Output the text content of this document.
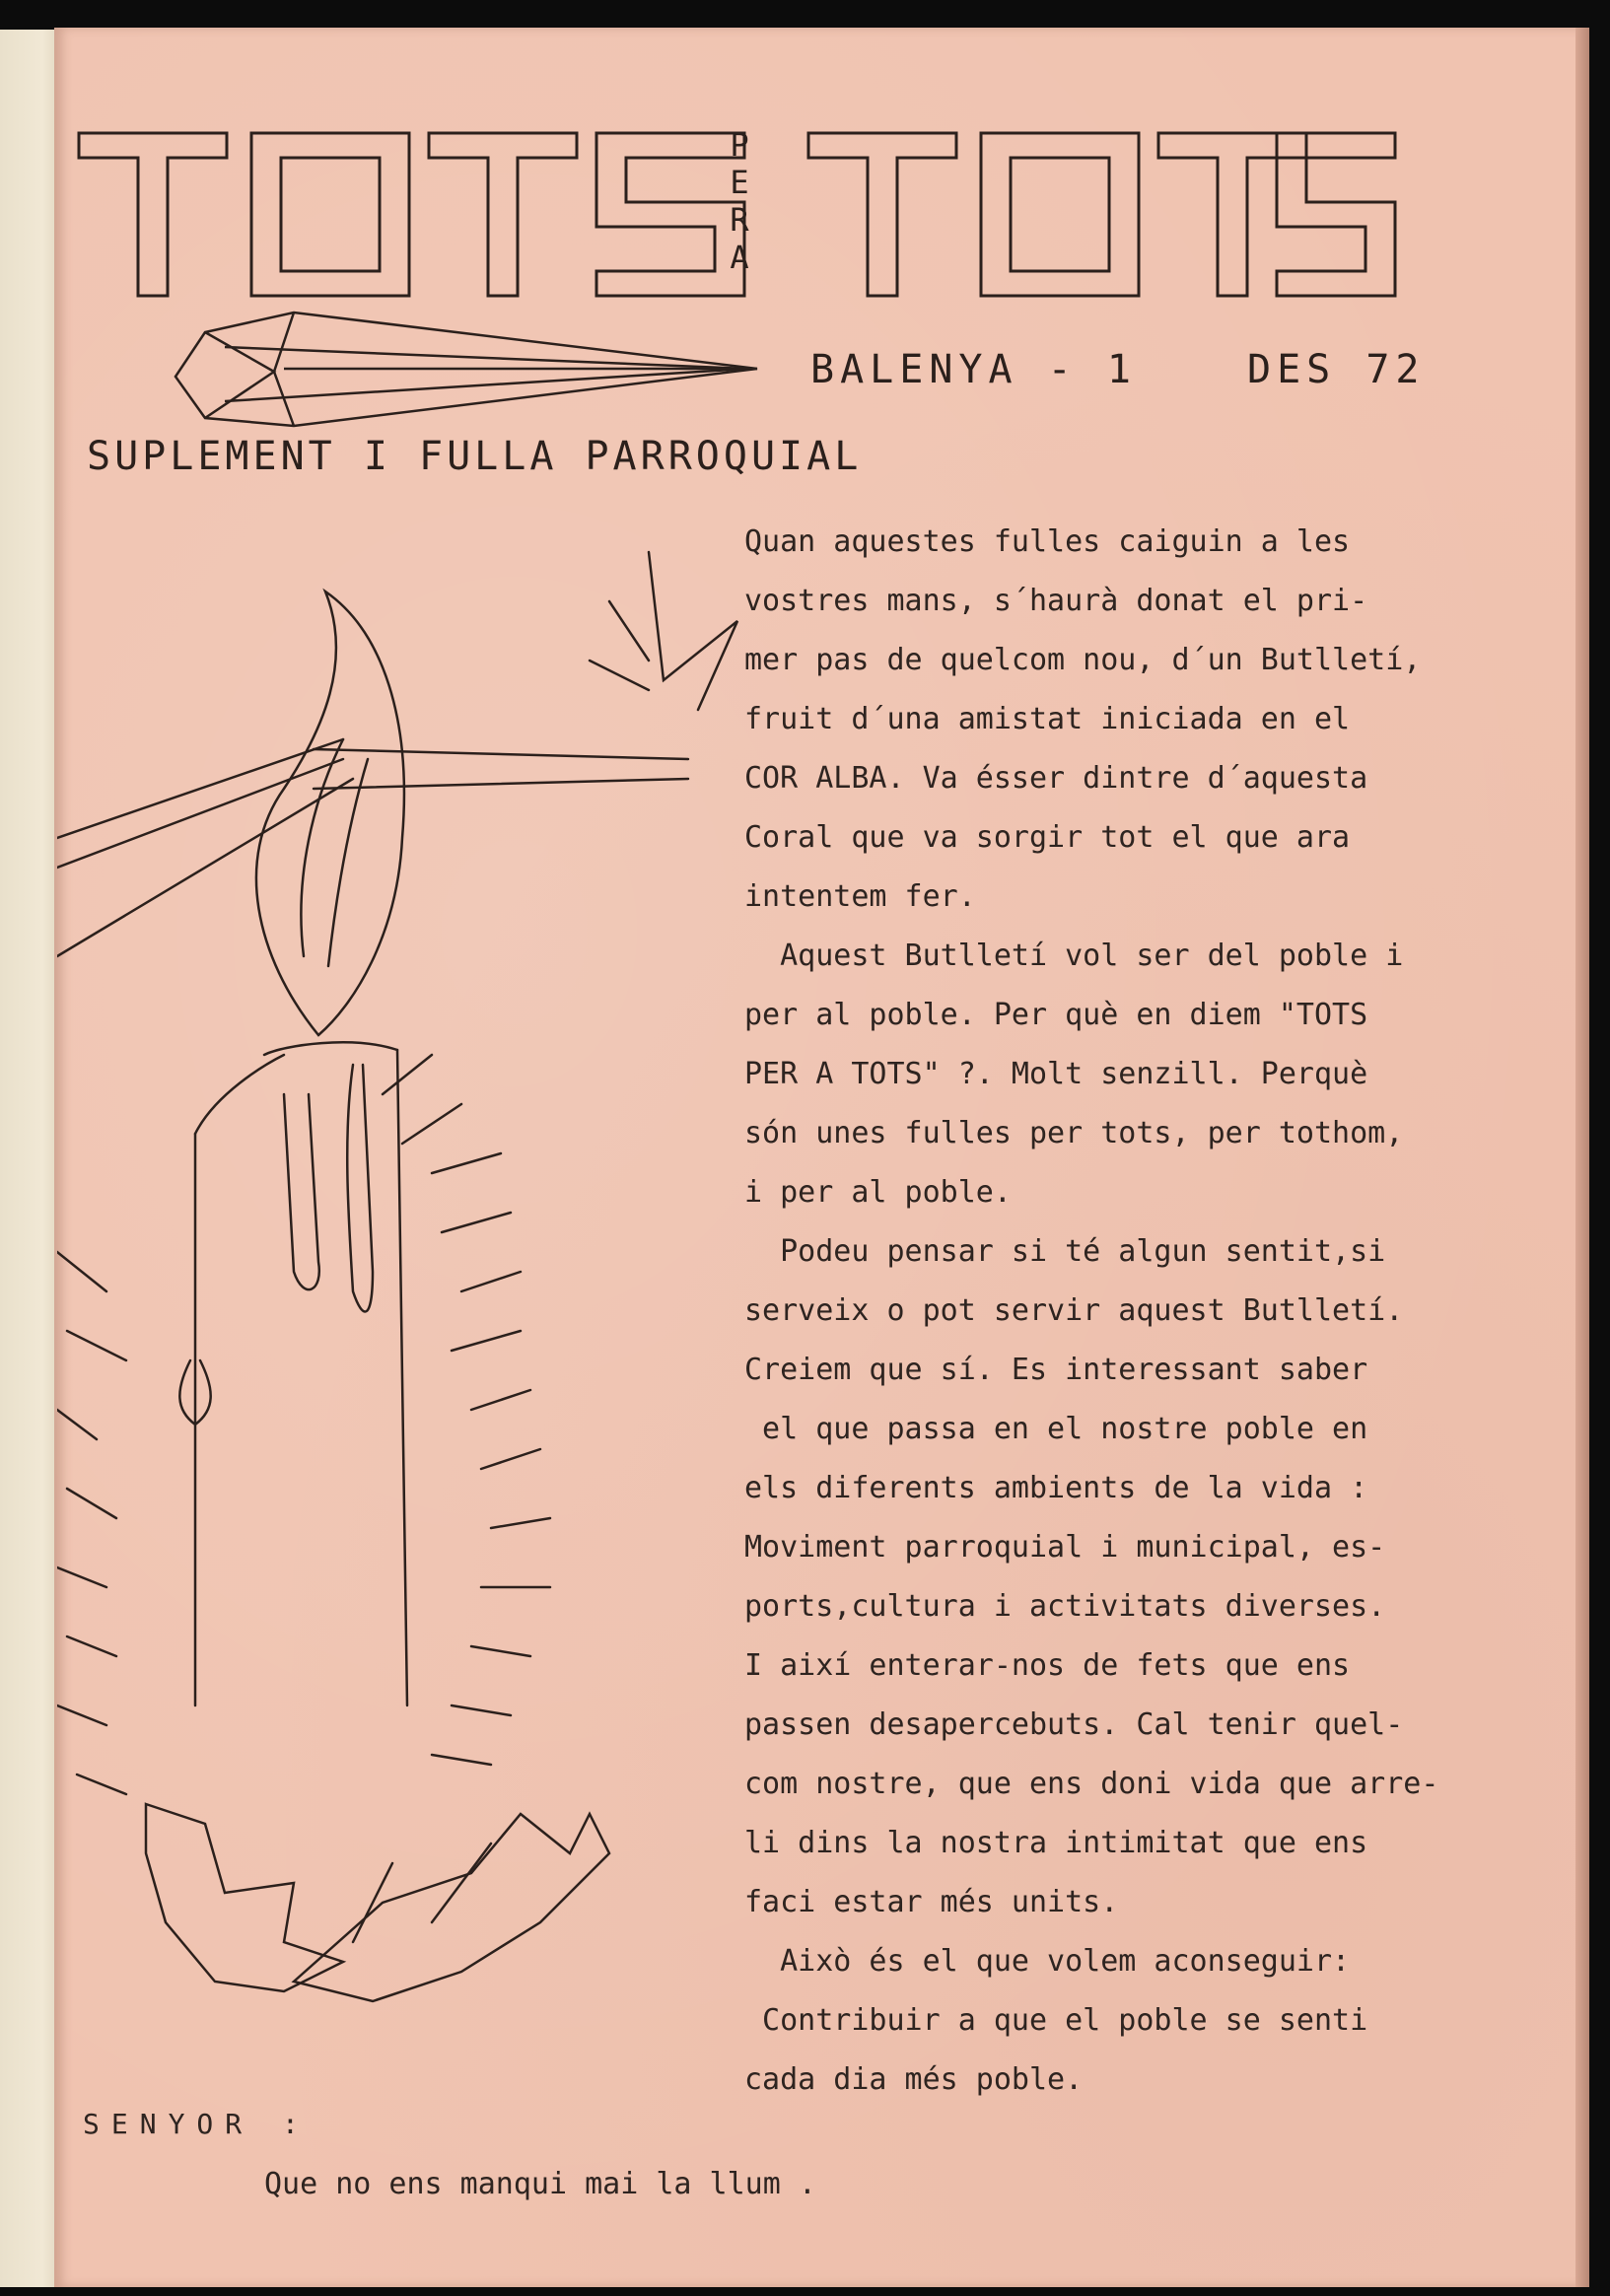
P
E
R
A
BALENYA - 1	DES 72
SUPLEMENT I FULLA PARROQUIAL
Quan aquestes fulles caiguin a les
vostres mans, s´haurà donat el pri-
mer pas de quelcom nou, d´un Butlletí,
fruit d´una amistat iniciada en el
COR ALBA. Va ésser dintre d´aquesta
Coral que va sorgir tot el que ara
intentem fer.
Aquest Butlletí vol ser del poble i
per al poble. Per què en diem "TOTS
PER A TOTS" ?. Molt senzill. Perquè
són unes fulles per tots, per tothom,
i per al poble.
Podeu pensar si té algun sentit,si
serveix o pot servir aquest Butlletí.
Creiem que sí. Es interessant saber
el que passa en el nostre poble en
els diferents ambients de la vida :
Moviment parroquial i municipal, es-
ports,cultura i activitats diverses.
I així enterar-nos de fets que ens
passen desapercebuts. Cal tenir quel-
com nostre, que ens doni vida que arre-
li dins la nostra intimitat que ens
faci estar més units.
Això és el que volem aconseguir:
Contribuir a que el poble se senti
cada dia més poble.
SENYOR :
Que no ens manqui mai la llum .
